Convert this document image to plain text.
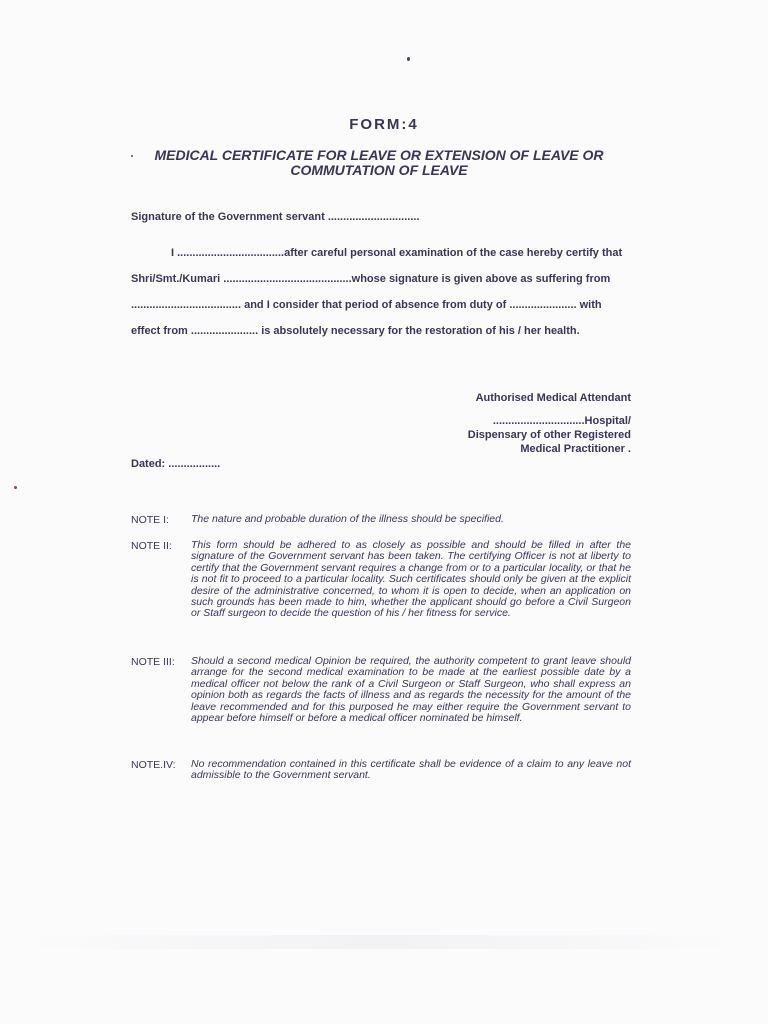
FORM:4
MEDICAL CERTIFICATE FOR LEAVE OR EXTENSION OF LEAVE OR
COMMUTATION OF LEAVE
Signature of the Government servant ..............................
I ...................................after careful personal examination of the case hereby certify that
Shri/Smt./Kumari ..........................................whose signature is given above as suffering from
.................................... and I consider that period of absence from duty of ...................... with
effect from ...................... is absolutely necessary for the restoration of his / her health.
Authorised Medical Attendant
..............................Hospital/
Dispensary of other Registered
Medical Practitioner .
Dated: .................
NOTE I:	The nature and probable duration of the illness should be specified.
NOTE II:	This form should be adhered to as closely as possible and should be filled in after the signature of the Government servant has been taken. The certifying Officer is not at liberty to certify that the Government servant requires a change from or to a particular locality, or that he is not fit to proceed to a particular locality. Such certificates should only be given at the explicit desire of the administrative concerned, to whom it is open to decide, when an application on such grounds has been made to him, whether the applicant should go before a Civil Surgeon or Staff surgeon to decide the question of his / her fitness for service.
NOTE III:	Should a second medical Opinion be required, the authority competent to grant leave should arrange for the second medical examination to be made at the earliest possible date by a medical officer not below the rank of a Civil Surgeon or Staff Surgeon, who shall express an opinion both as regards the facts of illness and as regards the necessity for the amount of the leave recommended and for this purposed he may either require the Government servant to appear before himself or before a medical officer nominated be himself.
NOTE.IV:	No recommendation contained in this certificate shall be evidence of a claim to any leave not admissible to the Government servant.
